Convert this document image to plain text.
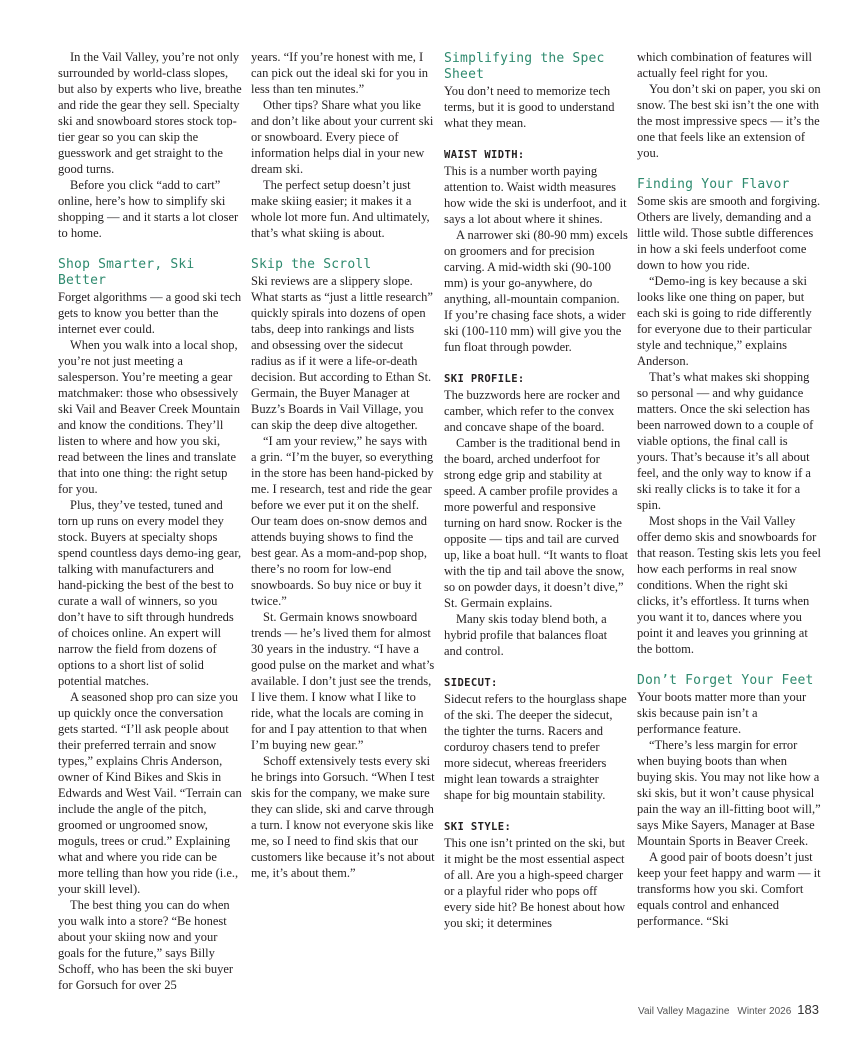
In the Vail Valley, you’re not only surrounded by world-class slopes, but also by experts who live, breathe and ride the gear they sell. Specialty ski and snowboard stores stock top-tier gear so you can skip the guesswork and get straight to the good turns.

Before you click “add to cart” online, here’s how to simplify ski shopping — and it starts a lot closer to home.

Shop Smarter, Ski Better

Forget algorithms — a good ski tech gets to know you better than the internet ever could.

When you walk into a local shop, you’re not just meeting a salesperson. You’re meeting a gear matchmaker: those who obsessively ski Vail and Beaver Creek Mountain and know the conditions. They’ll listen to where and how you ski, read between the lines and translate that into one thing: the right setup for you.

Plus, they’ve tested, tuned and torn up runs on every model they stock. Buyers at specialty shops spend countless days demo-ing gear, talking with manufacturers and hand-picking the best of the best to curate a wall of winners, so you don’t have to sift through hundreds of choices online. An expert will narrow the field from dozens of options to a short list of solid potential matches.

A seasoned shop pro can size you up quickly once the conversation gets started. “I’ll ask people about their preferred terrain and snow types,” explains Chris Anderson, owner of Kind Bikes and Skis in Edwards and West Vail. “Terrain can include the angle of the pitch, groomed or ungroomed snow, moguls, trees or crud.” Explaining what and where you ride can be more telling than how you ride (i.e., your skill level).

The best thing you can do when you walk into a store? “Be honest about your skiing now and your goals for the future,” says Billy Schoff, who has been the ski buyer for Gorsuch for over 25

years. “If you’re honest with me, I can pick out the ideal ski for you in less than ten minutes.”

Other tips? Share what you like and don’t like about your current ski or snowboard. Every piece of information helps dial in your new dream ski.

The perfect setup doesn’t just make skiing easier; it makes it a whole lot more fun. And ultimately, that’s what skiing is about.

Skip the Scroll

Ski reviews are a slippery slope. What starts as “just a little research” quickly spirals into dozens of open tabs, deep into rankings and lists and obsessing over the sidecut radius as if it were a life-or-death decision. But according to Ethan St. Germain, the Buyer Manager at Buzz’s Boards in Vail Village, you can skip the deep dive altogether.

“I am your review,” he says with a grin. “I’m the buyer, so everything in the store has been hand-picked by me. I research, test and ride the gear before we ever put it on the shelf. Our team does on-snow demos and attends buying shows to find the best gear. As a mom-and-pop shop, there’s no room for low-end snowboards. So buy nice or buy it twice.”

St. Germain knows snowboard trends — he’s lived them for almost 30 years in the industry. “I have a good pulse on the market and what’s available. I don’t just see the trends, I live them. I know what I like to ride, what the locals are coming in for and I pay attention to that when I’m buying new gear.”

Schoff extensively tests every ski he brings into Gorsuch. “When I test skis for the company, we make sure they can slide, ski and carve through a turn. I know not everyone skis like me, so I need to find skis that our customers like because it’s not about me, it’s about them.”

Simplifying the Spec Sheet

You don’t need to memorize tech terms, but it is good to understand what they mean.

WAIST WIDTH:

This is a number worth paying attention to. Waist width measures how wide the ski is underfoot, and it says a lot about where it shines.

A narrower ski (80-90 mm) excels on groomers and for precision carving. A mid-width ski (90-100 mm) is your go-anywhere, do anything, all-mountain companion. If you’re chasing face shots, a wider ski (100-110 mm) will give you the fun float through powder.

SKI PROFILE:

The buzzwords here are rocker and camber, which refer to the convex and concave shape of the board.

Camber is the traditional bend in the board, arched underfoot for strong edge grip and stability at speed. A camber profile provides a more powerful and responsive turning on hard snow. Rocker is the opposite — tips and tail are curved up, like a boat hull. “It wants to float with the tip and tail above the snow, so on powder days, it doesn’t dive,” St. Germain explains.

Many skis today blend both, a hybrid profile that balances float and control.

SIDECUT:

Sidecut refers to the hourglass shape of the ski. The deeper the sidecut, the tighter the turns. Racers and corduroy chasers tend to prefer more sidecut, whereas freeriders might lean towards a straighter shape for big mountain stability.

SKI STYLE:

This one isn’t printed on the ski, but it might be the most essential aspect of all. Are you a high-speed charger or a playful rider who pops off every side hit? Be honest about how you ski; it determines

which combination of features will actually feel right for you.

You don’t ski on paper, you ski on snow. The best ski isn’t the one with the most impressive specs — it’s the one that feels like an extension of you.

Finding Your Flavor

Some skis are smooth and forgiving. Others are lively, demanding and a little wild. Those subtle differences in how a ski feels underfoot come down to how you ride.

“Demo-ing is key because a ski looks like one thing on paper, but each ski is going to ride differently for everyone due to their particular style and technique,” explains Anderson.

That’s what makes ski shopping so personal — and why guidance matters. Once the ski selection has been narrowed down to a couple of viable options, the final call is yours. That’s because it’s all about feel, and the only way to know if a ski really clicks is to take it for a spin.

Most shops in the Vail Valley offer demo skis and snowboards for that reason. Testing skis lets you feel how each performs in real snow conditions. When the right ski clicks, it’s effortless. It turns when you want it to, dances where you point it and leaves you grinning at the bottom.

Don’t Forget Your Feet

Your boots matter more than your skis because pain isn’t a performance feature.

“There’s less margin for error when buying boots than when buying skis. You may not like how a ski skis, but it won’t cause physical pain the way an ill-fitting boot will,” says Mike Sayers, Manager at Base Mountain Sports in Beaver Creek.

A good pair of boots doesn’t just keep your feet happy and warm — it transforms how you ski. Comfort equals control and enhanced performance. “Ski

Vail Valley Magazine Winter 2026 183
